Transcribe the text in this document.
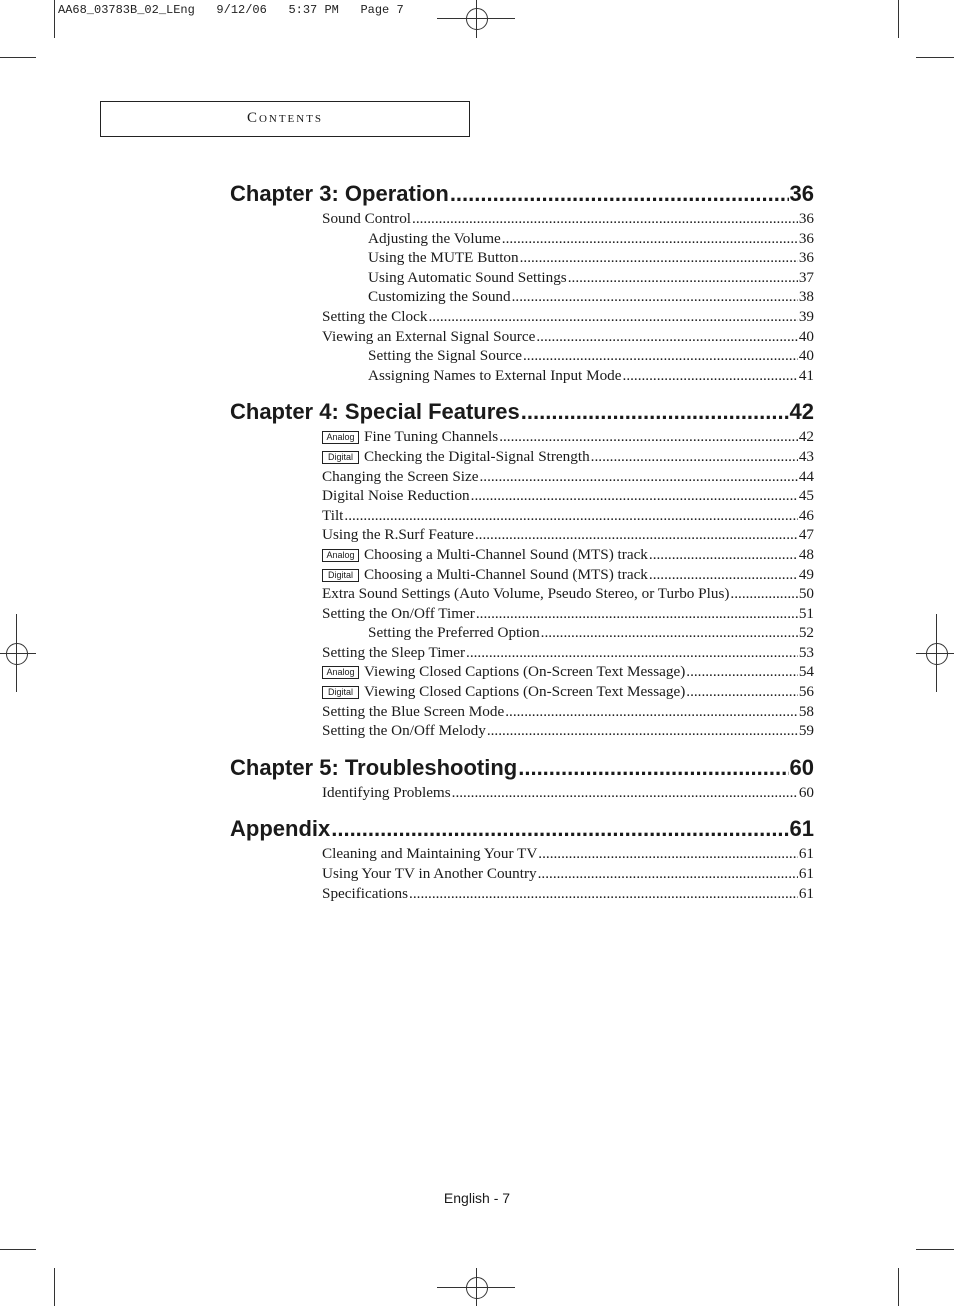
AA68_03783B_02_LEng   9/12/06   5:37 PM   Page 7
Contents
Chapter 3: Operation .....	36
Sound Control .....	36
Adjusting the Volume .....	36
Using the MUTE Button .....	36
Using Automatic Sound Settings .....	37
Customizing the Sound .....	38
Setting the Clock .....	39
Viewing an External Signal Source .....	40
Setting the Signal Source .....	40
Assigning Names to External Input Mode .....	41
Chapter 4: Special Features .....	42
Analog Fine Tuning Channels .....	42
Digital Checking the Digital-Signal Strength .....	43
Changing the Screen Size .....	44
Digital Noise Reduction .....	45
Tilt .....	46
Using the R.Surf Feature .....	47
Analog Choosing a Multi-Channel Sound (MTS) track .....	48
Digital Choosing a Multi-Channel Sound (MTS) track .....	49
Extra Sound Settings (Auto Volume, Pseudo Stereo, or Turbo Plus) .....	50
Setting the On/Off Timer .....	51
Setting the Preferred Option .....	52
Setting the Sleep Timer .....	53
Analog Viewing Closed Captions (On-Screen Text Message) .....	54
Digital Viewing Closed Captions (On-Screen Text Message) .....	56
Setting the Blue Screen Mode .....	58
Setting the On/Off Melody .....	59
Chapter 5: Troubleshooting .....	60
Identifying Problems .....	60
Appendix .....	61
Cleaning and Maintaining Your TV .....	61
Using Your TV in Another Country .....	61
Specifications .....	61
English - 7
